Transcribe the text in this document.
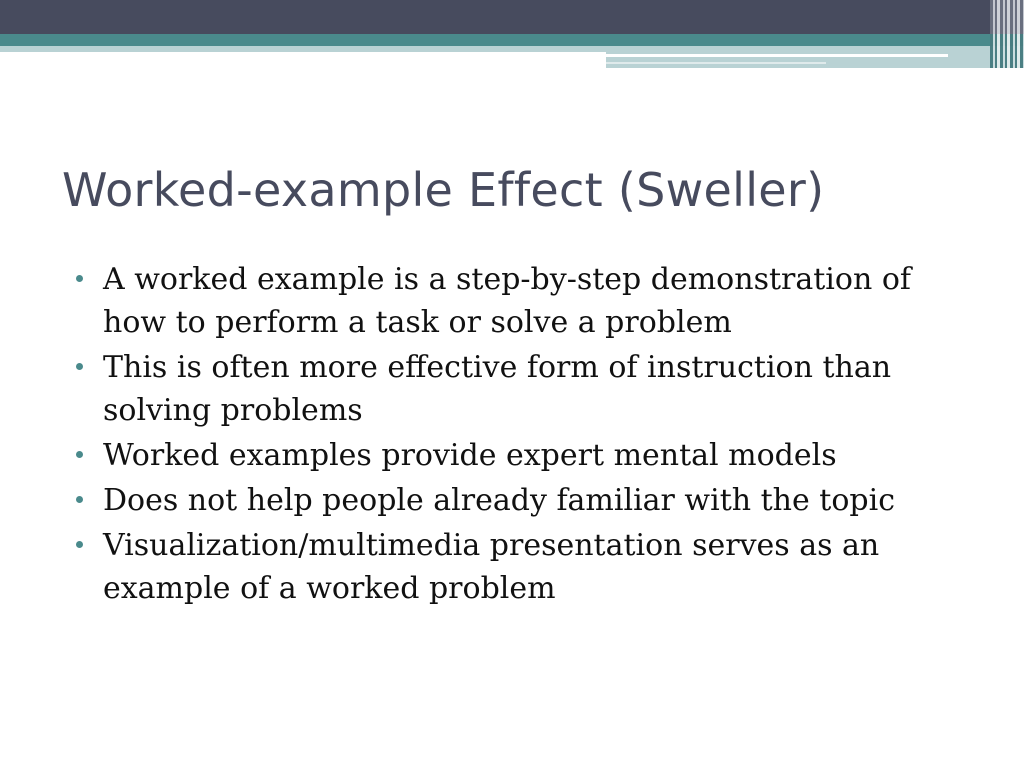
Worked-example Effect (Sweller)
A worked example is a step-by-step demonstration of how to perform a task or solve a problem
This is often more effective form of instruction than solving problems
Worked examples provide expert mental models
Does not help people already familiar with the topic
Visualization/multimedia presentation serves as an example of a worked problem
